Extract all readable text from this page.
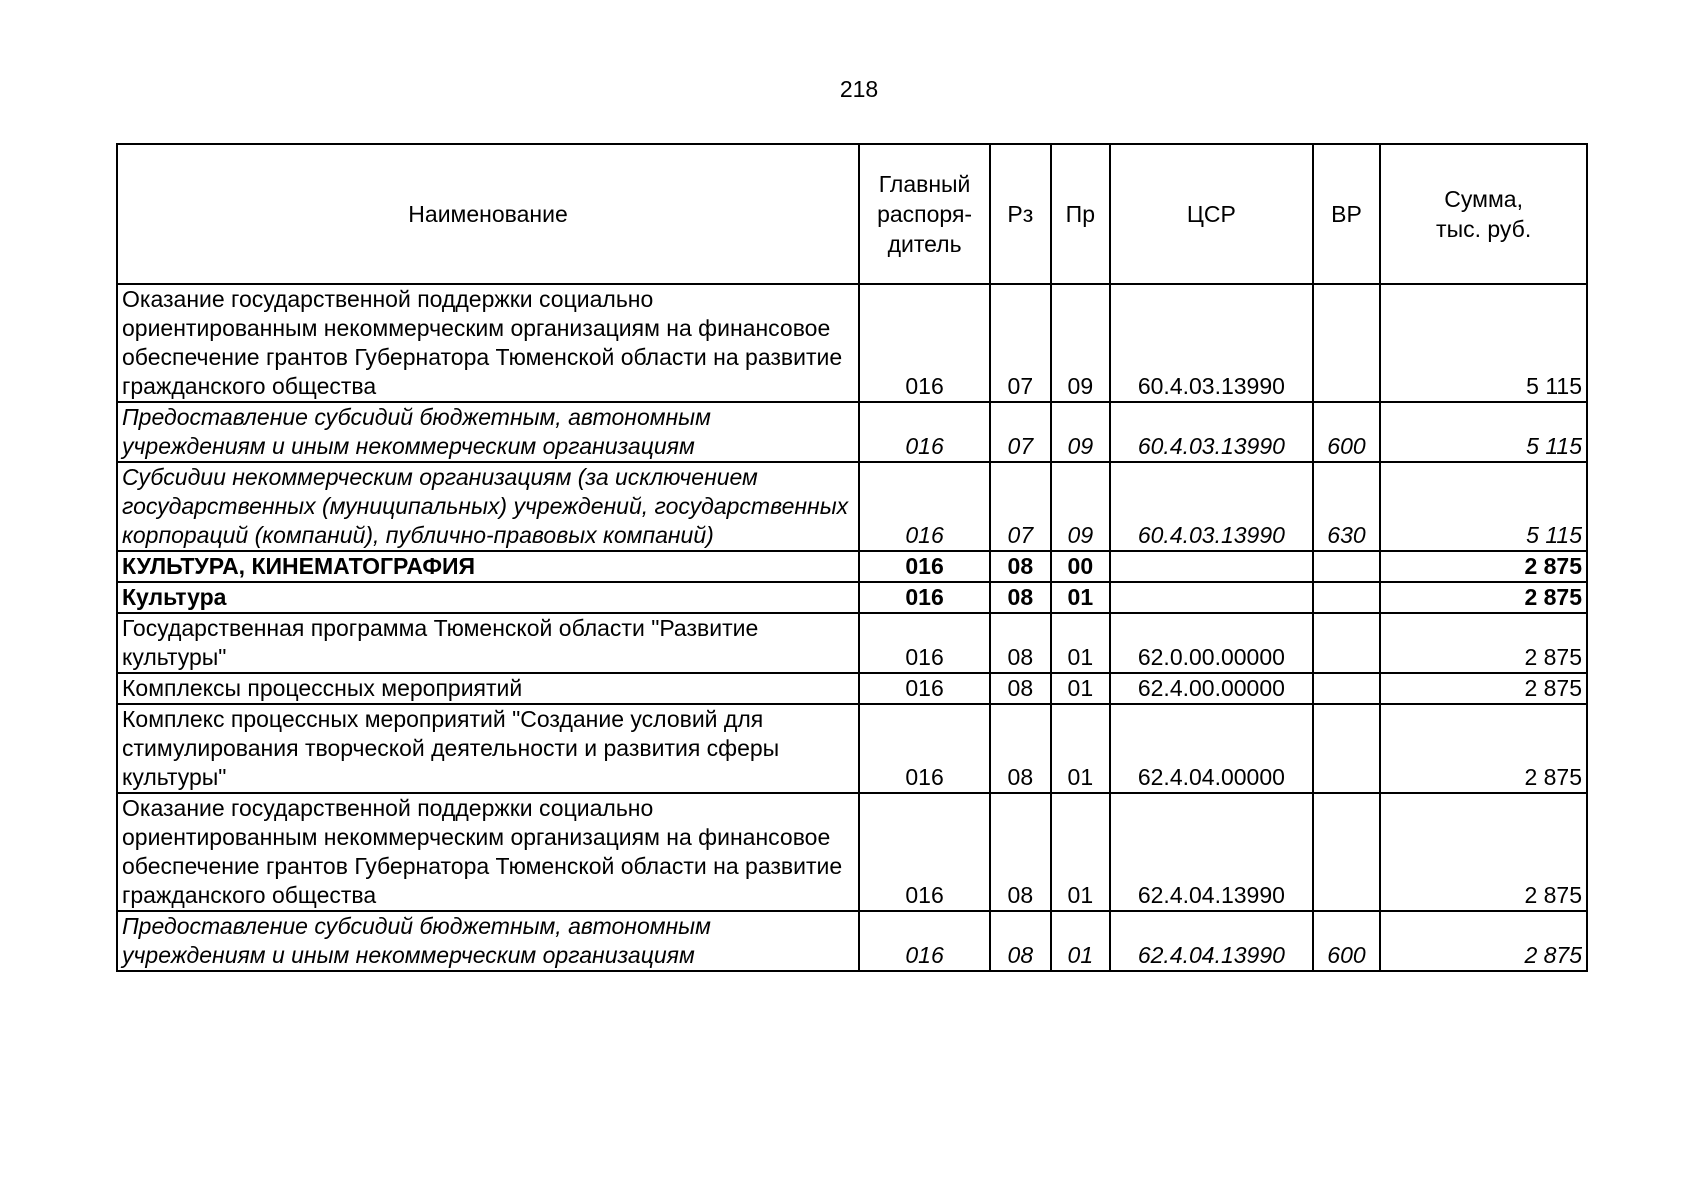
218
Наименование	Главный
распоря-
дитель	Рз	Пр	ЦСР	ВР	Сумма,
тыс. руб.
Оказание государственной поддержки социально ориентированным некоммерческим организациям на финансовое обеспечение грантов Губернатора Тюменской области на развитие гражданского общества	016	07	09	60.4.03.13990		5 115
Предоставление субсидий бюджетным, автономным учреждениям и иным некоммерческим организациям	016	07	09	60.4.03.13990	600	5 115
Субсидии некоммерческим организациям (за исключением государственных (муниципальных) учреждений, государственных корпораций (компаний), публично-правовых компаний)	016	07	09	60.4.03.13990	630	5 115
КУЛЬТУРА, КИНЕМАТОГРАФИЯ	016	08	00			2 875
Культура	016	08	01			2 875
Государственная программа Тюменской области "Развитие культуры"	016	08	01	62.0.00.00000		2 875
Комплексы процессных мероприятий	016	08	01	62.4.00.00000		2 875
Комплекс процессных мероприятий "Создание условий для стимулирования творческой деятельности и развития сферы культуры"	016	08	01	62.4.04.00000		2 875
Оказание государственной поддержки социально ориентированным некоммерческим организациям на финансовое обеспечение грантов Губернатора Тюменской области на развитие гражданского общества	016	08	01	62.4.04.13990		2 875
Предоставление субсидий бюджетным, автономным учреждениям и иным некоммерческим организациям	016	08	01	62.4.04.13990	600	2 875
